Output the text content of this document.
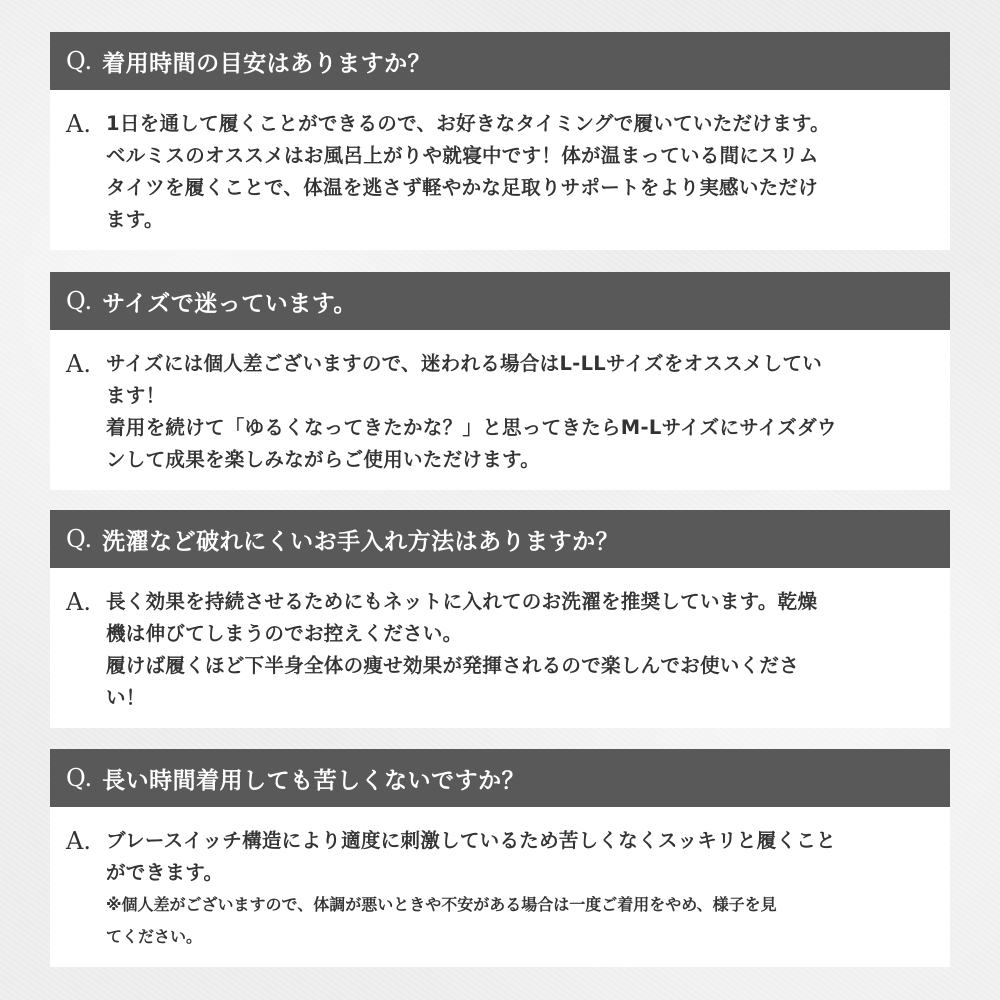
Q. 着用時間の目安はありますか？
A. 1日を通して履くことができるので、お好きなタイミングで履いていただけます。
ベルミスのオススメはお風呂上がりや就寝中です！体が温まっている間にスリム
タイツを履くことで、体温を逃さず軽やかな足取りサポートをより実感いただけ
ます。
Q. サイズで迷っています。
A. サイズには個人差ございますので、迷われる場合はL-LLサイズをオススメしてい
ます！
着用を続けて「ゆるくなってきたかな？」と思ってきたらM-Lサイズにサイズダウ
ンして成果を楽しみながらご使用いただけます。
Q. 洗濯など破れにくいお手入れ方法はありますか？
A. 長く効果を持続させるためにもネットに入れてのお洗濯を推奨しています。乾燥
機は伸びてしまうのでお控えください。
履けば履くほど下半身全体の痩せ効果が発揮されるので楽しんでお使いくださ
い！
Q. 長い時間着用しても苦しくないですか？
A. ブレースイッチ構造により適度に刺激しているため苦しくなくスッキリと履くこと
ができます。
※個人差がございますので、体調が悪いときや不安がある場合は一度ご着用をやめ、様子を見
てください。
